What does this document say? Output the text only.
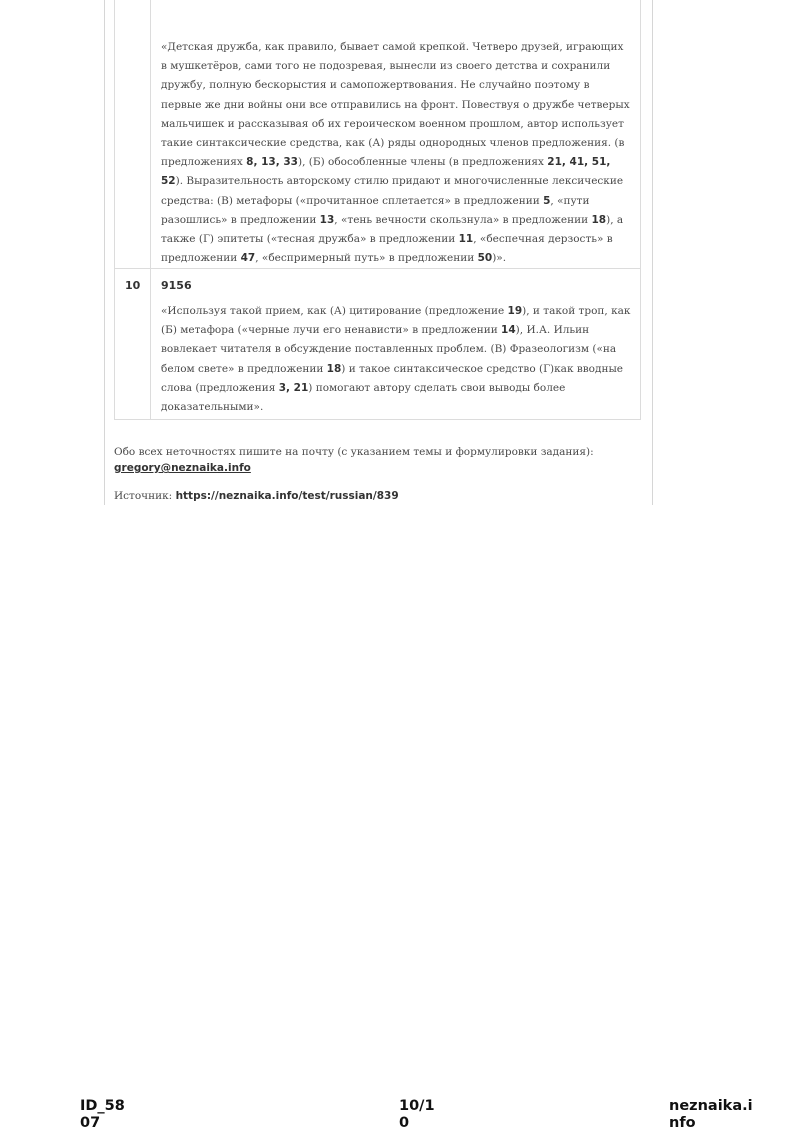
«Детская дружба, как правило, бывает самой крепкой. Четверо друзей, играющих в мушкетёров, сами того не подозревая, вынесли из своего детства и сохранили дружбу, полную бескорыстия и самопожертвования. Не случайно поэтому в первые же дни войны они все отправились на фронт. Повествуя о дружбе четверых мальчишек и рассказывая об их героическом военном прошлом, автор использует такие синтаксические средства, как (А) ряды однородных членов предложения. (в предложениях 8, 13, 33), (Б) обособленные члены (в предложениях 21, 41, 51, 52). Выразительность авторскому стилю придают и многочисленные лексические средства: (В) метафоры («прочитанное сплетается» в предложении 5, «пути разошлись» в предложении 13, «тень вечности скользнула» в предложении 18), а также (Г) эпитеты («тесная дружба» в предложении 11, «беспечная дерзость» в предложении 47, «беспримерный путь» в предложении 50)».

10 9156

«Используя такой прием, как (А) цитирование (предложение 19), и такой троп, как (Б) метафора («черные лучи его ненависти» в предложении 14), И.А. Ильин вовлекает читателя в обсуждение поставленных проблем. (В) Фразеологизм («на белом свете» в предложении 18) и такое синтаксическое средство (Г)как вводные слова (предложения 3, 21) помогают автору сделать свои выводы более доказательными».

Обо всех неточностях пишите на почту (с указанием темы и формулировки задания):
gregory@neznaika.info
Источник: https://neznaika.info/test/russian/839
ID_58
07
10/1
0
neznaika.i
nfo
